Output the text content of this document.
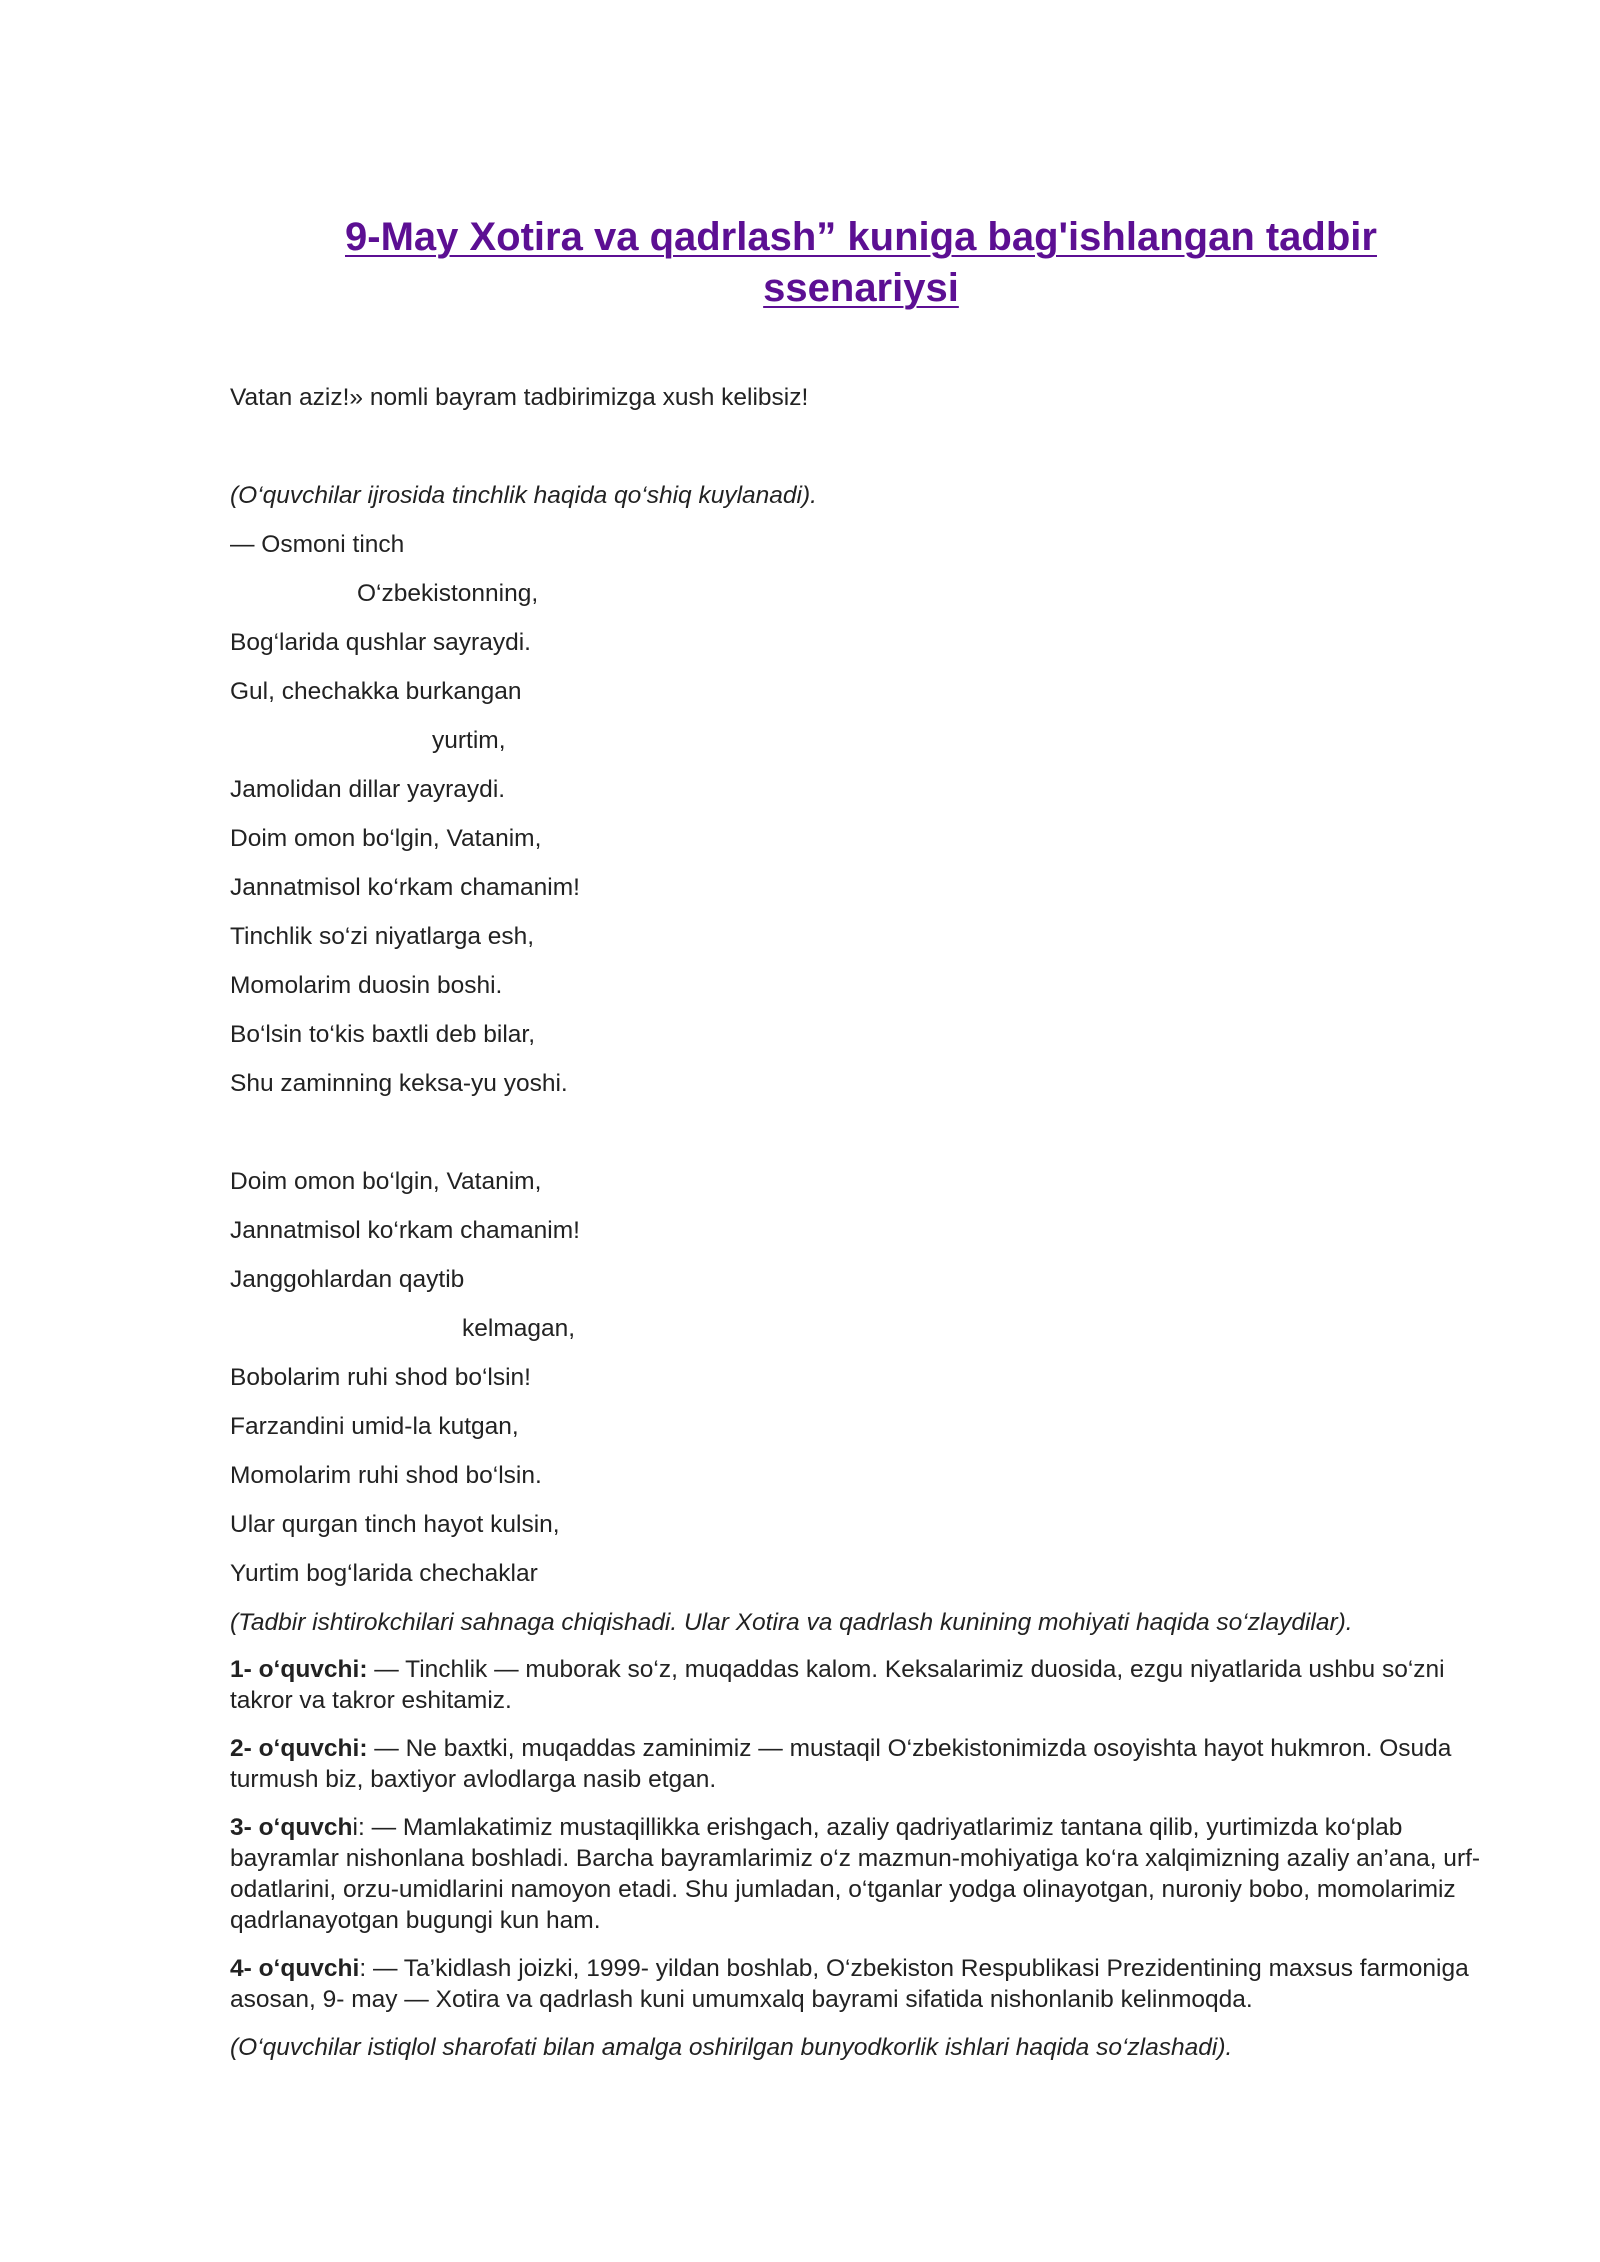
9-May Xotira va qadrlash” kuniga bag'ishlangan tadbir
ssenariysi
Vatan aziz!» nomli bayram tadbirimizga xush kelibsiz!
(O‘quvchilar ijrosida tinchlik haqida qo‘shiq kuylanadi).
— Osmoni tinch
O‘zbekistonning,
Bog‘larida qushlar sayraydi.
Gul, chechakka burkangan
yurtim,
Jamolidan dillar yayraydi.
Doim omon bo‘lgin, Vatanim,
Jannatmisol ko‘rkam chamanim!
Tinchlik so‘zi niyatlarga esh,
Momolarim duosin boshi.
Bo‘lsin to‘kis baxtli deb bilar,
Shu zaminning keksa-yu yoshi.
Doim omon bo‘lgin, Vatanim,
Jannatmisol ko‘rkam chamanim!
Janggohlardan qaytib
kelmagan,
Bobolarim ruhi shod bo‘lsin!
Farzandini umid-la kutgan,
Momolarim ruhi shod bo‘lsin.
Ular qurgan tinch hayot kulsin,
Yurtim bog‘larida chechaklar
(Tadbir ishtirokchilari sahnaga chiqishadi. Ular Xotira va qadrlash kunining mohiyati haqida so‘zlaydilar).

1- o‘quvchi: — Tinchlik — muborak so‘z, muqaddas kalom. Keksalarimiz duosida, ezgu niyatlarida ushbu so‘zni takror va takror eshitamiz.

2- o‘quvchi: — Ne baxtki, muqaddas zaminimiz — mustaqil O‘zbekistonimizda osoyishta hayot hukmron. Osuda turmush biz, baxtiyor avlodlarga nasib etgan.

3- o‘quvchi: — Mamlakatimiz mustaqillikka erishgach, azaliy qadriyatlarimiz tantana qilib, yurtimizda ko‘plab bayramlar nishonlana boshladi. Barcha bayramlarimiz o‘z mazmun-mohiyatiga ko‘ra xalqimizning azaliy an’ana, urf-odatlarini, orzu-umidlarini namoyon etadi. Shu jumladan, o‘tganlar yodga olinayotgan, nuroniy bobo, momolarimiz qadrlanayotgan bugungi kun ham.

4- o‘quvchi: — Ta’kidlash joizki, 1999- yildan boshlab, O‘zbekiston Respublikasi Prezidentining maxsus farmoniga asosan, 9- may — Xotira va qadrlash kuni umumxalq bayrami sifatida nishonlanib kelinmoqda.

(O‘quvchilar istiqlol sharofati bilan amalga oshirilgan bunyodkorlik ishlari haqida so‘zlashadi).
